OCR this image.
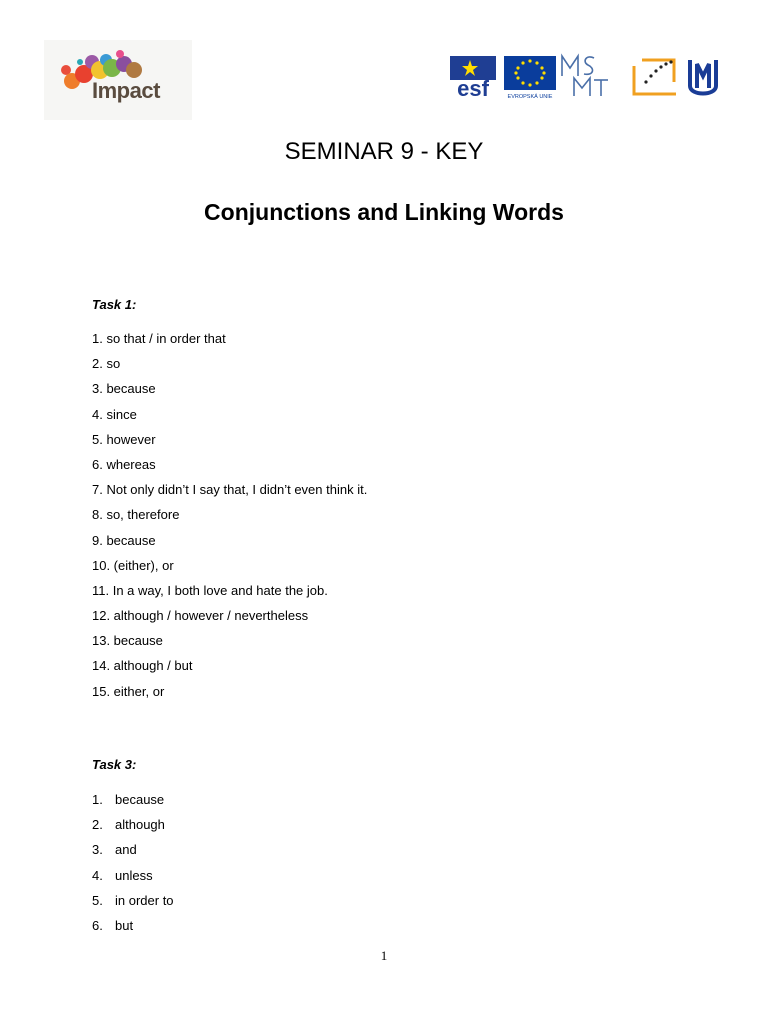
Impact	esf	EVROPSKÁ UNIE
SEMINAR 9 - KEY
Conjunctions and Linking Words
Task 1:
1. so that / in order that
2. so
3. because
4. since
5. however
6. whereas
7. Not only didn’t I say that, I didn’t even think it.
8. so, therefore
9. because
10. (either), or
11. In a way, I both love and hate the job.
12. although / however / nevertheless
13. because
14. although / but
15. either, or
Task 3:
1. because
2. although
3. and
4. unless
5. in order to
6. but
1
